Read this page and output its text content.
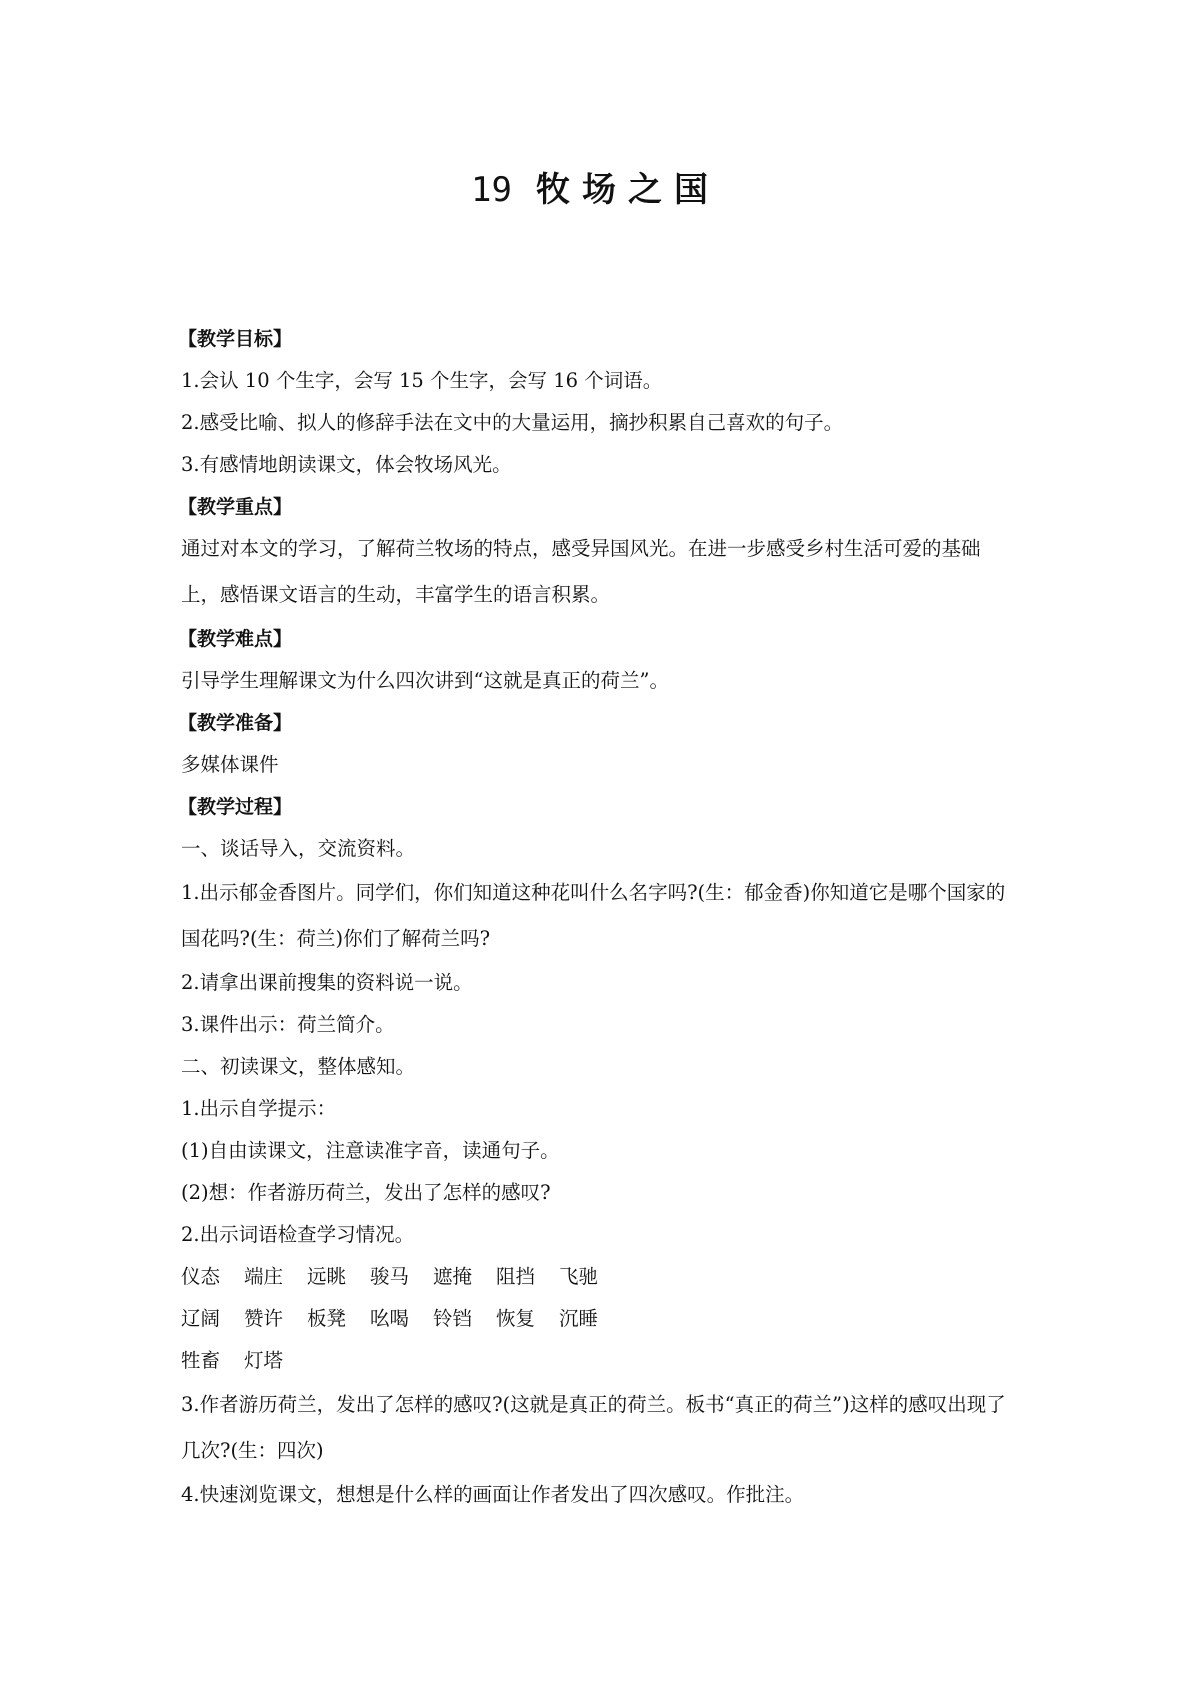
19 牧场之国
【教学目标】
1.会认 10 个生字，会写 15 个生字，会写 16 个词语。
2.感受比喻、拟人的修辞手法在文中的大量运用，摘抄积累自己喜欢的句子。
3.有感情地朗读课文，体会牧场风光。
【教学重点】
通过对本文的学习，了解荷兰牧场的特点，感受异国风光。在进一步感受乡村生活可爱的基础上，感悟课文语言的生动，丰富学生的语言积累。
【教学难点】
引导学生理解课文为什么四次讲到“这就是真正的荷兰”。
【教学准备】
多媒体课件
【教学过程】
一、谈话导入，交流资料。
1.出示郁金香图片。同学们，你们知道这种花叫什么名字吗?(生：郁金香)你知道它是哪个国家的国花吗?(生：荷兰)你们了解荷兰吗?
2.请拿出课前搜集的资料说一说。
3.课件出示：荷兰简介。
二、初读课文，整体感知。
1.出示自学提示：
(1)自由读课文，注意读准字音，读通句子。
(2)想：作者游历荷兰，发出了怎样的感叹?
2.出示词语检查学习情况。
仪态	端庄	远眺	骏马	遮掩	阻挡	飞驰
辽阔	赞许	板凳	吆喝	铃铛	恢复	沉睡
牲畜	灯塔
3.作者游历荷兰，发出了怎样的感叹?(这就是真正的荷兰。板书“真正的荷兰”)这样的感叹出现了几次?(生：四次)
4.快速浏览课文，想想是什么样的画面让作者发出了四次感叹。作批注。
